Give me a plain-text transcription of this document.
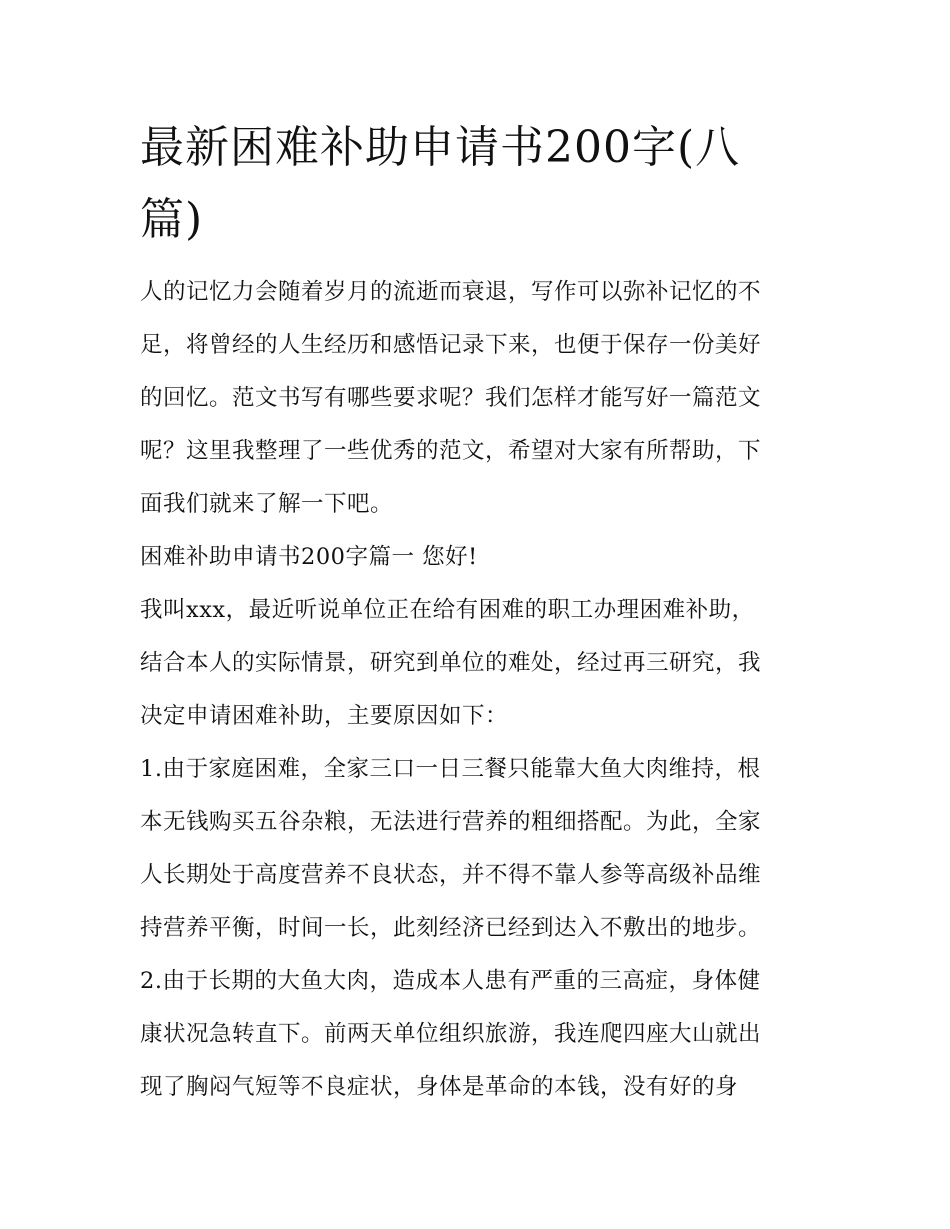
最新困难补助申请书200字(八
篇)

人的记忆力会随着岁月的流逝而衰退，写作可以弥补记忆的不
足，将曾经的人生经历和感悟记录下来，也便于保存一份美好
的回忆。范文书写有哪些要求呢？我们怎样才能写好一篇范文
呢？这里我整理了一些优秀的范文，希望对大家有所帮助，下
面我们就来了解一下吧。

困难补助申请书200字篇一 您好!

我叫xxx，最近听说单位正在给有困难的职工办理困难补助，
结合本人的实际情景，研究到单位的难处，经过再三研究，我
决定申请困难补助，主要原因如下：
1.由于家庭困难，全家三口一日三餐只能靠大鱼大肉维持，根
本无钱购买五谷杂粮，无法进行营养的粗细搭配。为此，全家
人长期处于高度营养不良状态，并不得不靠人参等高级补品维
持营养平衡，时间一长，此刻经济已经到达入不敷出的地步。
2.由于长期的大鱼大肉，造成本人患有严重的三高症，身体健
康状况急转直下。前两天单位组织旅游，我连爬四座大山就出
现了胸闷气短等不良症状，身体是革命的本钱，没有好的身
